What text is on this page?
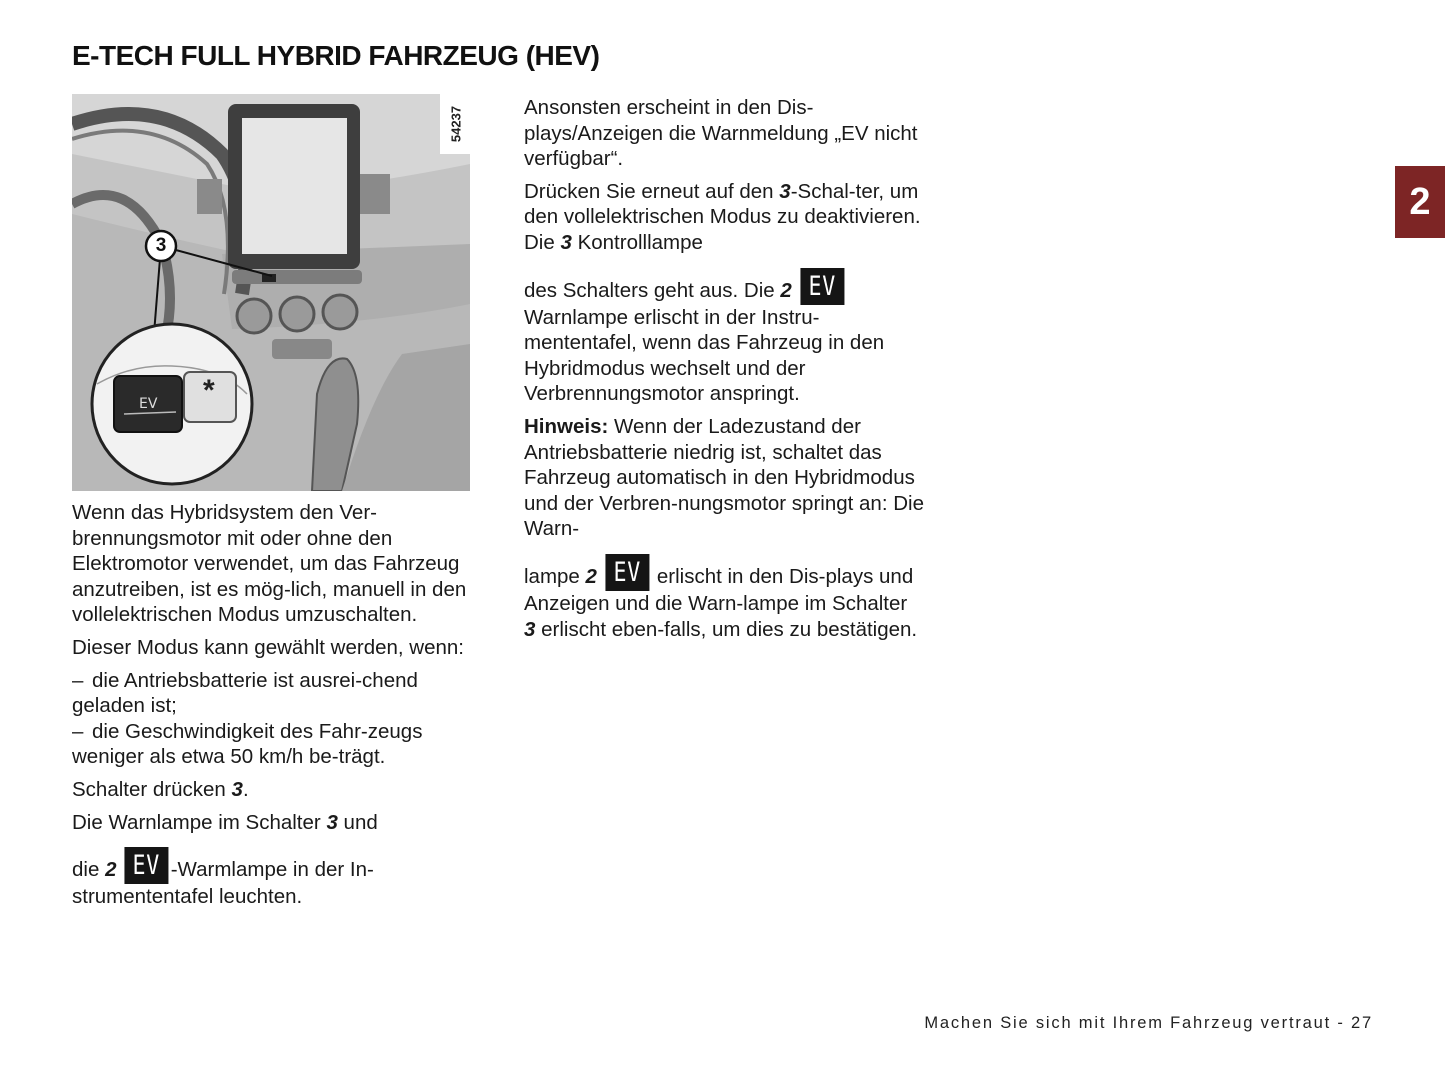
E-TECH FULL HYBRID FAHRZEUG (HEV)
54237
3
EV *

Wenn das Hybridsystem den Ver-brennungsmotor mit oder ohne den Elektromotor verwendet, um das Fahrzeug anzutreiben, ist es mög-lich, manuell in den vollelektrischen Modus umzuschalten.

Dieser Modus kann gewählt werden, wenn:

– die Antriebsbatterie ist ausrei-chend geladen ist;
– die Geschwindigkeit des Fahr-zeugs weniger als etwa 50 km/h be-trägt.

Schalter drücken 3.

Die Warnlampe im Schalter 3 und

die 2 EV -Warmlampe in der In-strumententafel leuchten.

Ansonsten erscheint in den Dis-plays/Anzeigen die Warnmeldung „EV nicht verfügbar“.

Drücken Sie erneut auf den 3-Schal-ter, um den vollelektrischen Modus zu deaktivieren. Die 3 Kontrolllampe

des Schalters geht aus. Die 2 EV
Warnlampe erlischt in der Instru-mententafel, wenn das Fahrzeug in den Hybridmodus wechselt und der Verbrennungsmotor anspringt.

Hinweis: Wenn der Ladezustand der Antriebsbatterie niedrig ist, schaltet das Fahrzeug automatisch in den Hybridmodus und der Verbren-nungsmotor springt an: Die Warn-

lampe 2 EV erlischt in den Dis-plays und Anzeigen und die Warn-lampe im Schalter 3 erlischt eben-falls, um dies zu bestätigen.

2
Machen Sie sich mit Ihrem Fahrzeug vertraut - 27
